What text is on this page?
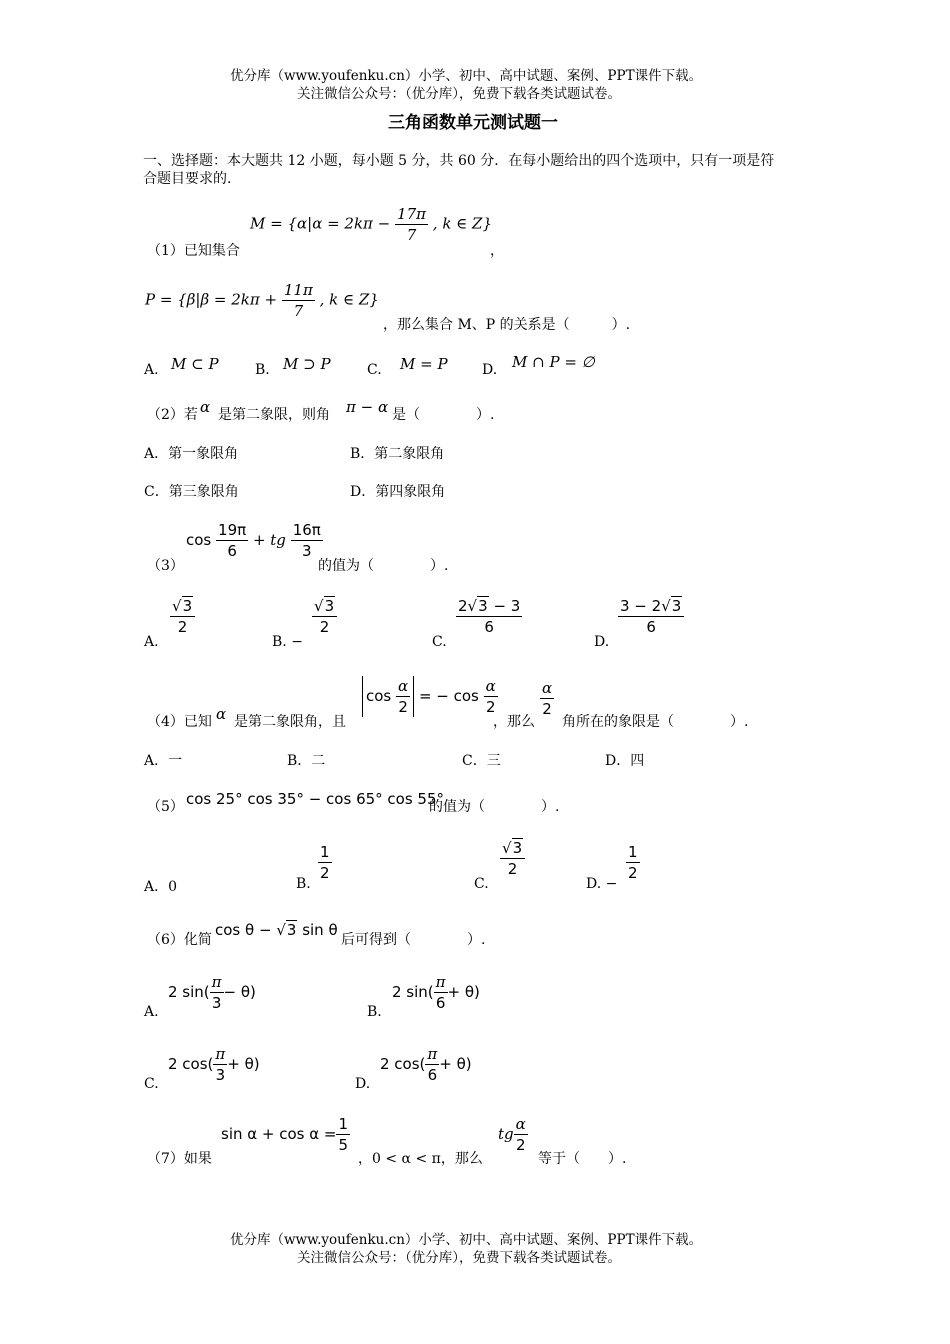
优分库（www.youfenku.cn）小学、初中、高中试题、案例、PPT课件下载。
关注微信公众号：（优分库），免费下载各类试题试卷。
三角函数单元测试题一
一、选择题：本大题共 12 小题，每小题 5 分，共 60 分．在每小题给出的四个选项中，只有一项是符
合题目要求的.
（1）已知集合
$M = \{\alpha|\alpha = 2k\pi - \frac{17\pi}{7}$ , k ∈ Z}
，
$P = \{\beta|\beta = 2k\pi + \frac{11\pi}{7}$ , k ∈ Z}
，那么集合 M、P 的关系是（　　　）.
A. M ⊂ P	B. M ⊃ P	C. M = P D. M ∩ P = ∅
（2）若 α 是第二象限，则角 π − α 是（　　　　）.
A．第一象限角	B．第二象限角
C．第三象限角	D．第四象限角
（3）
$\cos \frac{19\pi}{6}$ + tg $\frac{16\pi}{3}$
的值为（　　　　）.
A.
$\frac{√3}{2}$
B. −
$\frac{√3}{2}$
C.
$\frac{2√3 - 3}{6}$
D.
$\frac{3 - 2√3}{6}$
（4）已知 α 是第二象限角，且
$\cos \frac{\alpha}{2}$ = − $\cos \frac{\alpha}{2}$
，那么
$\frac{\alpha}{2}$
角所在的象限是（　　　　）.
A．一	B．二	C．三	D．四
（5） cos 25° cos 35° − cos 65° cos 55°
的值为（　　　　）.
A．0	B.
$\frac{1}{2}$
C.
$\frac{√3}{2}$
D. −
$\frac{1}{2}$
（6）化简
cos θ − √3 sin θ
后可得到（　　　　）.
A.
2 $\sin( \frac{\pi}{3} - \theta)$
B.
2 $\sin( \frac{\pi}{6} + \theta)$
C.
2 $\cos( \frac{\pi}{3} + \theta)$
D.
2 $\cos( \frac{\pi}{6} + \theta)$
（7）如果
$\sin \alpha + \cos \alpha = \frac{1}{5}$
，0 < α < π，那么
tg $\frac{\alpha}{2}$
等于（　　）.
优分库（www.youfenku.cn）小学、初中、高中试题、案例、PPT课件下载。
关注微信公众号：（优分库），免费下载各类试题试卷。
